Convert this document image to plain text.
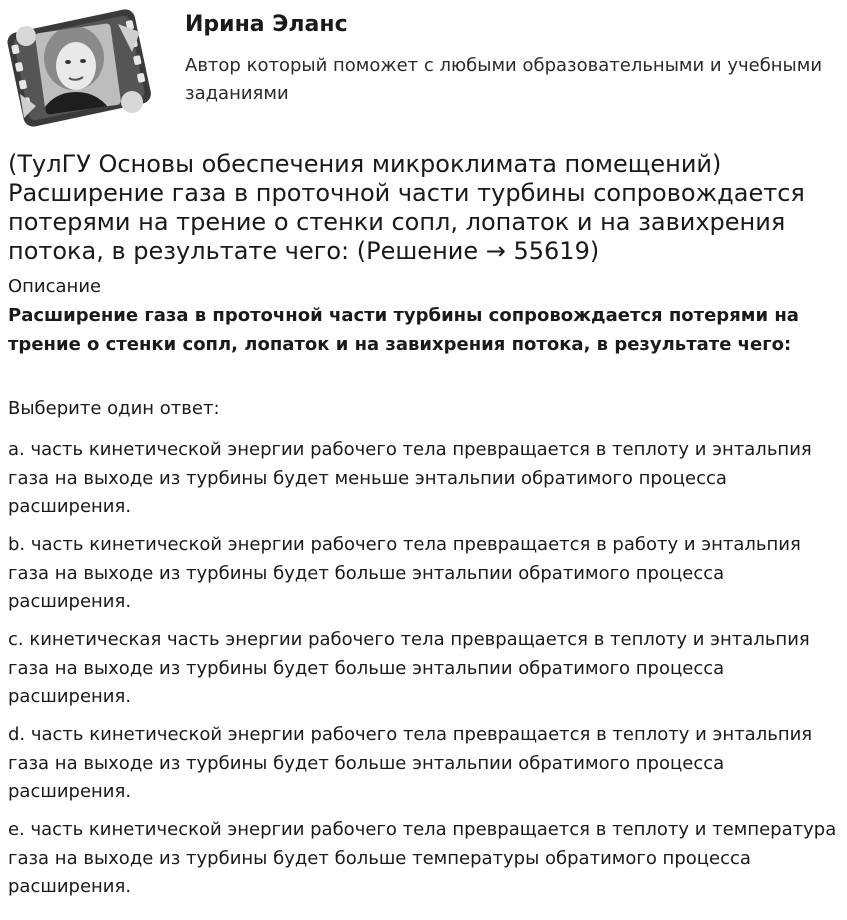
Ирина Эланс
Автор который поможет с любыми образовательными и учебными заданиями
(ТулГУ Основы обеспечения микроклимата помещений) Расширение газа в проточной части турбины сопровождается потерями на трение о стенки сопл, лопаток и на завихрения потока, в результате чего: (Решение → 55619)
Описание
Расширение газа в проточной части турбины сопровождается потерями на трение о стенки сопл, лопаток и на завихрения потока, в результате чего:
Выберите один ответ:
a. часть кинетической энергии рабочего тела превращается в теплоту и энтальпия газа на выходе из турбины будет меньше энтальпии обратимого процесса расширения.
b. часть кинетической энергии рабочего тела превращается в работу и энтальпия газа на выходе из турбины будет больше энтальпии обратимого процесса расширения.
c. кинетическая часть энергии рабочего тела превращается в теплоту и энтальпия газа на выходе из турбины будет больше энтальпии обратимого процесса расширения.
d. часть кинетической энергии рабочего тела превращается в теплоту и энтальпия газа на выходе из турбины будет больше энтальпии обратимого процесса расширения.
e. часть кинетической энергии рабочего тела превращается в теплоту и температура газа на выходе из турбины будет больше температуры обратимого процесса расширения.
